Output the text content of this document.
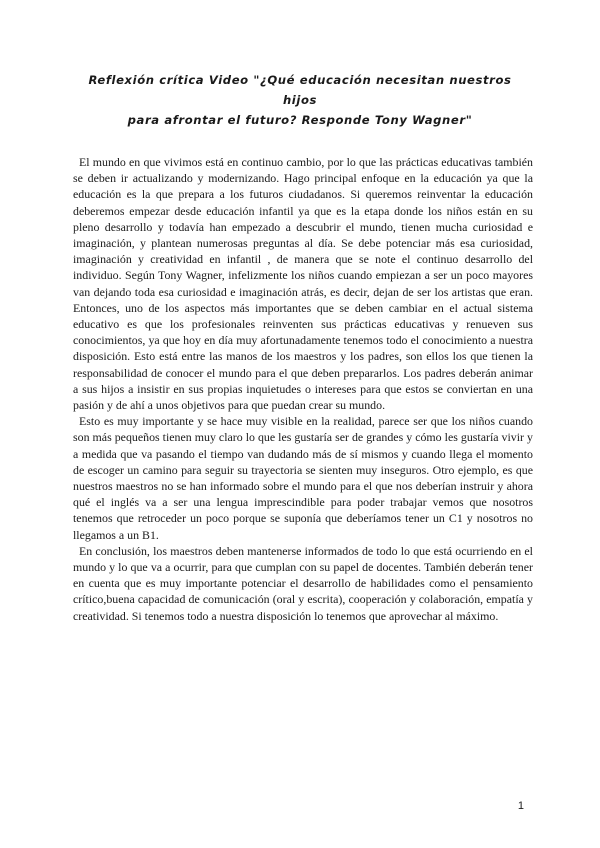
Reflexión crítica Video "¿Qué educación necesitan nuestros hijos
para afrontar el futuro? Responde Tony Wagner"

El mundo en que vivimos está en continuo cambio, por lo que las prácticas educativas también se deben ir actualizando y modernizando. Hago principal enfoque en la educación ya que la educación es la que prepara a los futuros ciudadanos. Si queremos reinventar la educación deberemos empezar desde educación infantil ya que es la etapa donde los niños están en su pleno desarrollo y todavía han empezado a descubrir el mundo, tienen mucha curiosidad e imaginación, y plantean numerosas preguntas al día. Se debe potenciar más esa curiosidad, imaginación y creatividad en infantil , de manera que se note el continuo desarrollo del individuo. Según Tony Wagner, infelizmente los niños cuando empiezan a ser un poco mayores van dejando toda esa curiosidad e imaginación atrás, es decir, dejan de ser los artistas que eran. Entonces, uno de los aspectos más importantes que se deben cambiar en el actual sistema educativo es que los profesionales reinventen sus prácticas educativas y renueven sus conocimientos, ya que hoy en día muy afortunadamente tenemos todo el conocimiento a nuestra disposición. Esto está entre las manos de los maestros y los padres, son ellos los que tienen la responsabilidad de conocer el mundo para el que deben prepararlos. Los padres deberán animar a sus hijos a insistir en sus propias inquietudes o intereses para que estos se conviertan en una pasión y de ahí a unos objetivos para que puedan crear su mundo.

Esto es muy importante y se hace muy visible en la realidad, parece ser que los niños cuando son más pequeños tienen muy claro lo que les gustaría ser de grandes y cómo les gustaría vivir y a medida que va pasando el tiempo van dudando más de sí mismos y cuando llega el momento de escoger un camino para seguir su trayectoria se sienten muy inseguros. Otro ejemplo, es que nuestros maestros no se han informado sobre el mundo para el que nos deberían instruir y ahora qué el inglés va a ser una lengua imprescindible para poder trabajar vemos que nosotros tenemos que retroceder un poco porque se suponía que deberíamos tener un C1 y nosotros no llegamos a un B1.

En conclusión, los maestros deben mantenerse informados de todo lo que está ocurriendo en el mundo y lo que va a ocurrir, para que cumplan con su papel de docentes. También deberán tener en cuenta que es muy importante potenciar el desarrollo de habilidades como el pensamiento crítico,buena capacidad de comunicación (oral y escrita), cooperación y colaboración, empatía y creatividad. Si tenemos todo a nuestra disposición lo tenemos que aprovechar al máximo.

1
